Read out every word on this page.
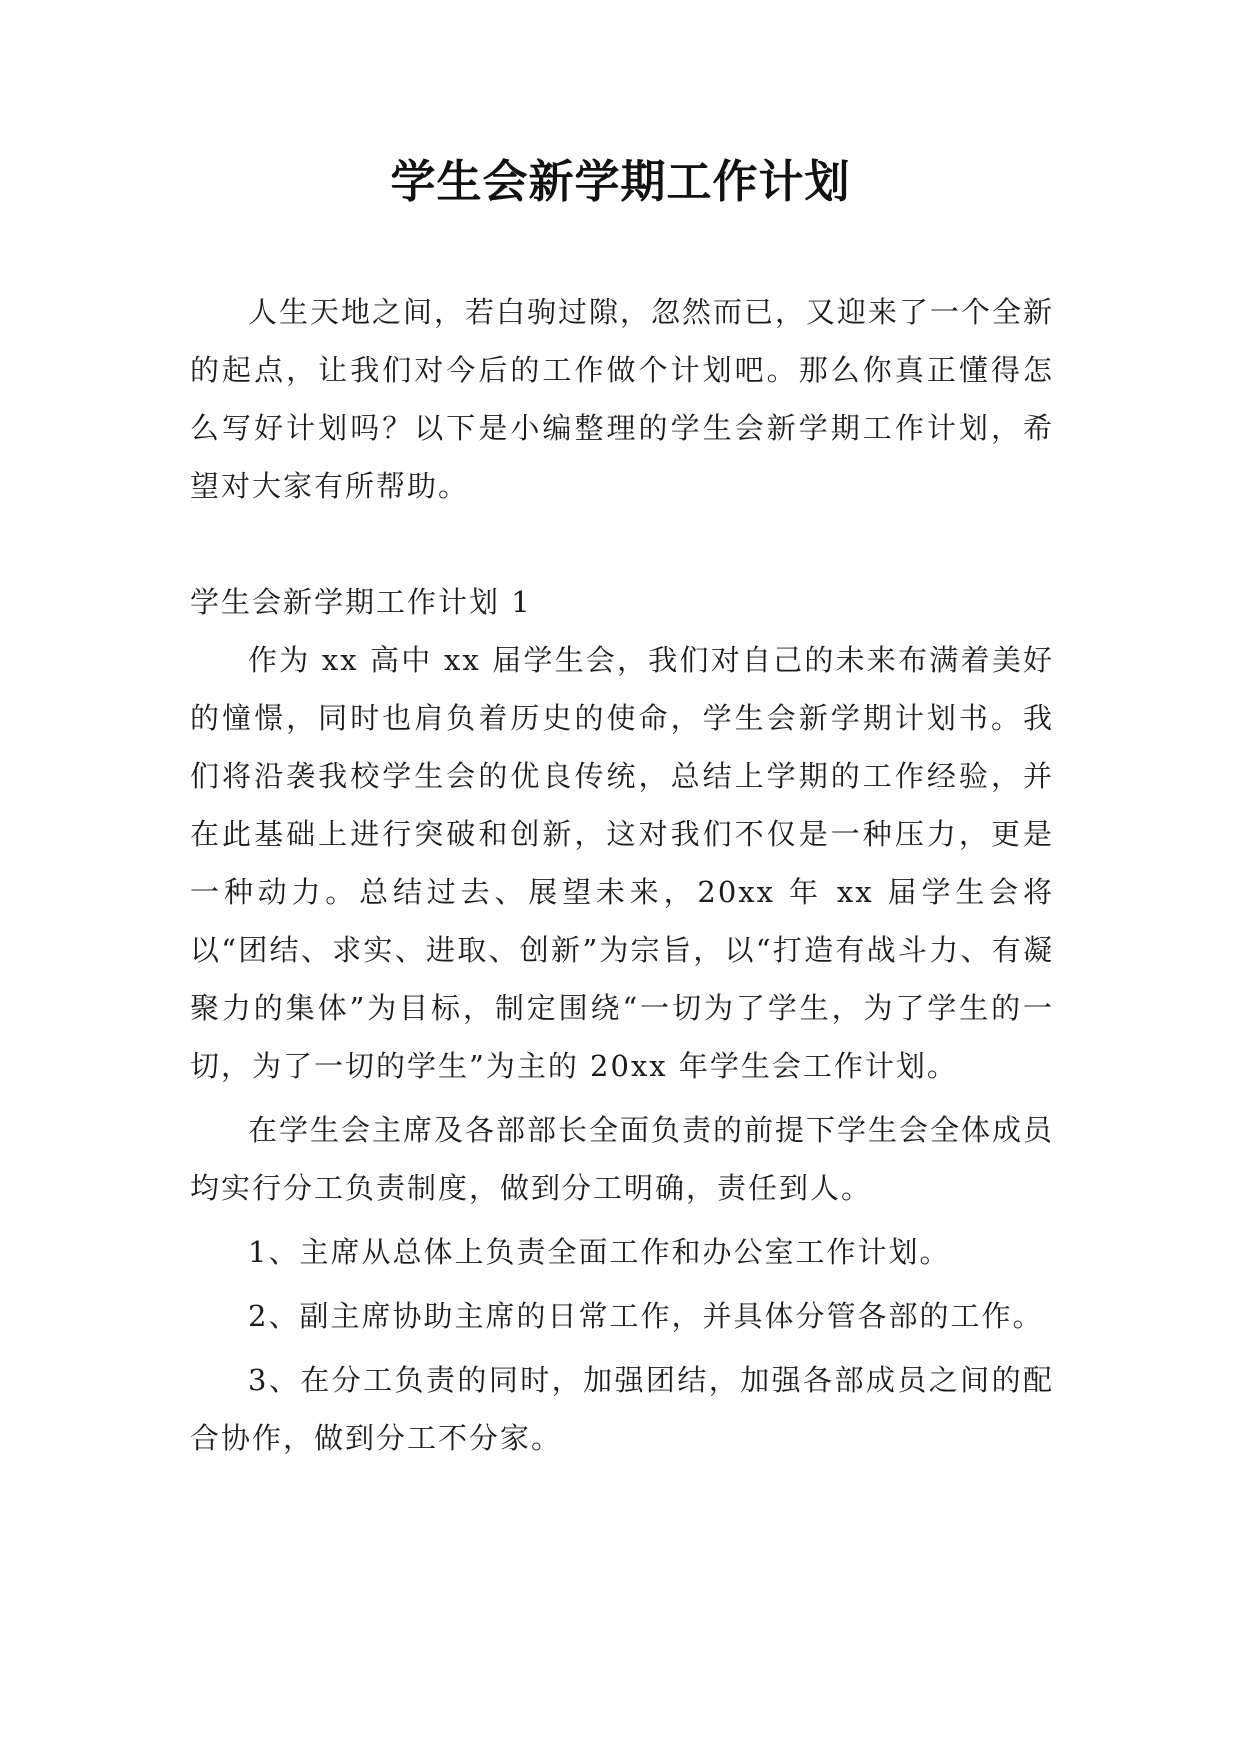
学生会新学期工作计划

人生天地之间，若白驹过隙，忽然而已，又迎来了一个全新的起点，让我们对今后的工作做个计划吧。那么你真正懂得怎么写好计划吗？以下是小编整理的学生会新学期工作计划，希望对大家有所帮助。

学生会新学期工作计划 1

作为 xx 高中 xx 届学生会，我们对自己的未来布满着美好的憧憬，同时也肩负着历史的使命，学生会新学期计划书。我们将沿袭我校学生会的优良传统，总结上学期的工作经验，并在此基础上进行突破和创新，这对我们不仅是一种压力，更是一种动力。总结过去、展望未来，20xx 年 xx 届学生会将以“团结、求实、进取、创新”为宗旨，以“打造有战斗力、有凝聚力的集体”为目标，制定围绕“一切为了学生，为了学生的一切，为了一切的学生”为主的 20xx 年学生会工作计划。

在学生会主席及各部部长全面负责的前提下学生会全体成员均实行分工负责制度，做到分工明确，责任到人。

1、主席从总体上负责全面工作和办公室工作计划。

2、副主席协助主席的日常工作，并具体分管各部的工作。

3、在分工负责的同时，加强团结，加强各部成员之间的配合协作，做到分工不分家。
